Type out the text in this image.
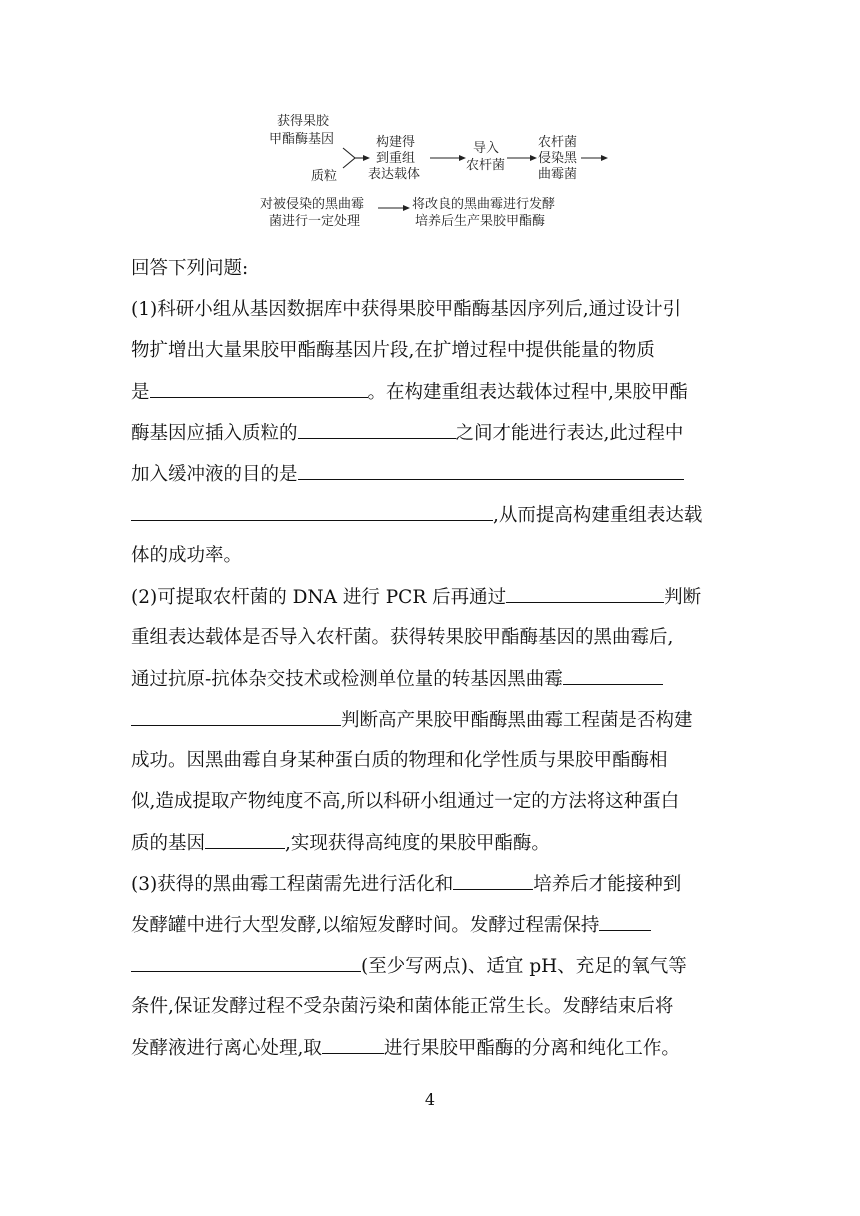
获得果胶
甲酯酶基因
质粒
构建得
到重组
表达载体
导入
农杆菌
农杆菌
侵染黑
曲霉菌
对被侵染的黑曲霉
菌进行一定处理
将改良的黑曲霉进行发酵
培养后生产果胶甲酯酶
回答下列问题:
(1)科研小组从基因数据库中获得果胶甲酯酶基因序列后,通过设计引
物扩增出大量果胶甲酯酶基因片段,在扩增过程中提供能量的物质
是	。在构建重组表达载体过程中,果胶甲酯
酶基因应插入质粒的	之间才能进行表达,此过程中
加入缓冲液的目的是
,从而提高构建重组表达载
体的成功率。
(2)可提取农杆菌的 DNA 进行 PCR 后再通过	判断
重组表达载体是否导入农杆菌。获得转果胶甲酯酶基因的黑曲霉后,
通过抗原-抗体杂交技术或检测单位量的转基因黑曲霉
判断高产果胶甲酯酶黑曲霉工程菌是否构建
成功。因黑曲霉自身某种蛋白质的物理和化学性质与果胶甲酯酶相
似,造成提取产物纯度不高,所以科研小组通过一定的方法将这种蛋白
质的基因	,实现获得高纯度的果胶甲酯酶。
(3)获得的黑曲霉工程菌需先进行活化和	培养后才能接种到
发酵罐中进行大型发酵,以缩短发酵时间。发酵过程需保持
(至少写两点)、适宜 pH、充足的氧气等
条件,保证发酵过程不受杂菌污染和菌体能正常生长。发酵结束后将
发酵液进行离心处理,取	进行果胶甲酯酶的分离和纯化工作。
4
